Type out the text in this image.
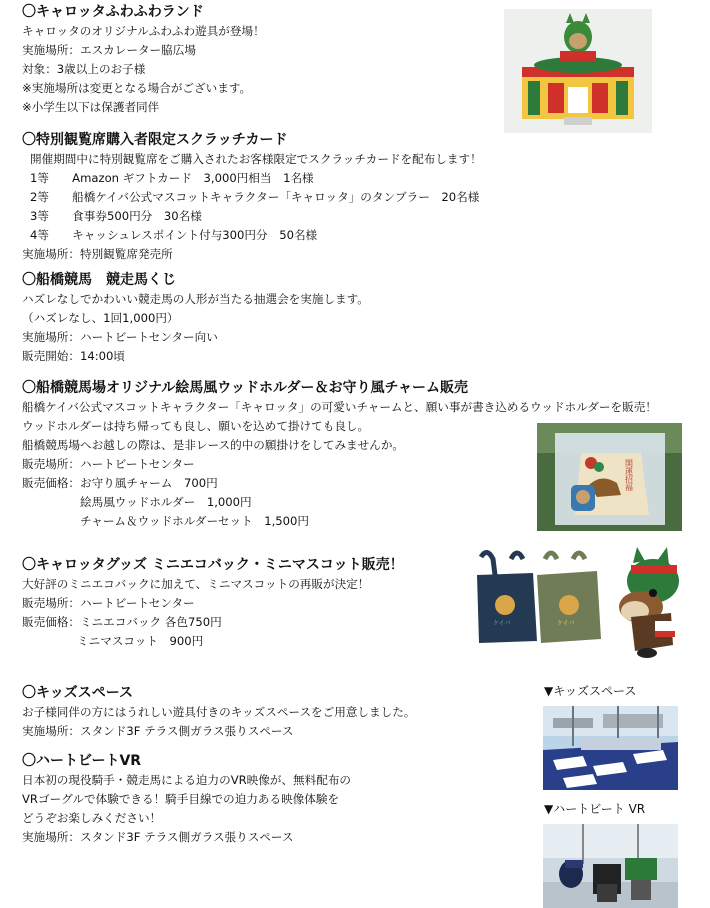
〇キャロッタふわふわランド
キャロッタのオリジナルふわふわ遊具が登場！
実施場所：エスカレーター脇広場
対象：3歳以上のお子様
※実施場所は変更となる場合がございます。
※小学生以下は保護者同伴
〇特別観覧席購入者限定スクラッチカード
開催期間中に特別観覧席をご購入されたお客様限定でスクラッチカードを配布します！
1等　　Amazon ギフトカード　3,000円相当　1名様
2等　　船橋ケイバ公式マスコットキャラクター「キャロッタ」のタンブラー　20名様
3等　　食事券500円分　30名様
4等　　キャッシュレスポイント付与300円分　50名様
実施場所：特別観覧席発売所
〇船橋競馬　競走馬くじ
ハズレなしでかわいい競走馬の人形が当たる抽選会を実施します。
（ハズレなし、1回1,000円）
実施場所：ハートビートセンター向い
販売開始：14:00頃
〇船橋競馬場オリジナル絵馬風ウッドホルダー＆お守り風チャーム販売
船橋ケイバ公式マスコットキャラクター「キャロッタ」の可愛いチャームと、願い事が書き込めるウッドホルダーを販売！
ウッドホルダーは持ち帰っても良し、願いを込めて掛けても良し。
船橋競馬場へお越しの際は、是非レース的中の願掛けをしてみませんか。
販売場所：ハートビートセンター
販売価格：お守り風チャーム　700円
絵馬風ウッドホルダー　1,000円
チャーム＆ウッドホルダーセット　1,500円
開運招福
〇キャロッタグッズ ミニエコバック・ミニマスコット販売！
大好評のミニエコバックに加えて、ミニマスコットの再販が決定！
販売場所：ハートビートセンター
販売価格：ミニエコバック 各色750円
ミニマスコット　900円
ケイバ	ケイバ
〇キッズスペース
お子様同伴の方にはうれしい遊具付きのキッズスペースをご用意しました。
実施場所：スタンド3F テラス側ガラス張りスペース
〇ハートビートVR
日本初の現役騎手・競走馬による迫力のVR映像が、無料配布の
VRゴーグルで体験できる！騎手目線での迫力ある映像体験を
どうぞお楽しみください！
実施場所：スタンド3F テラス側ガラス張りスペース
▼キッズスペース
▼ハートビート VR
